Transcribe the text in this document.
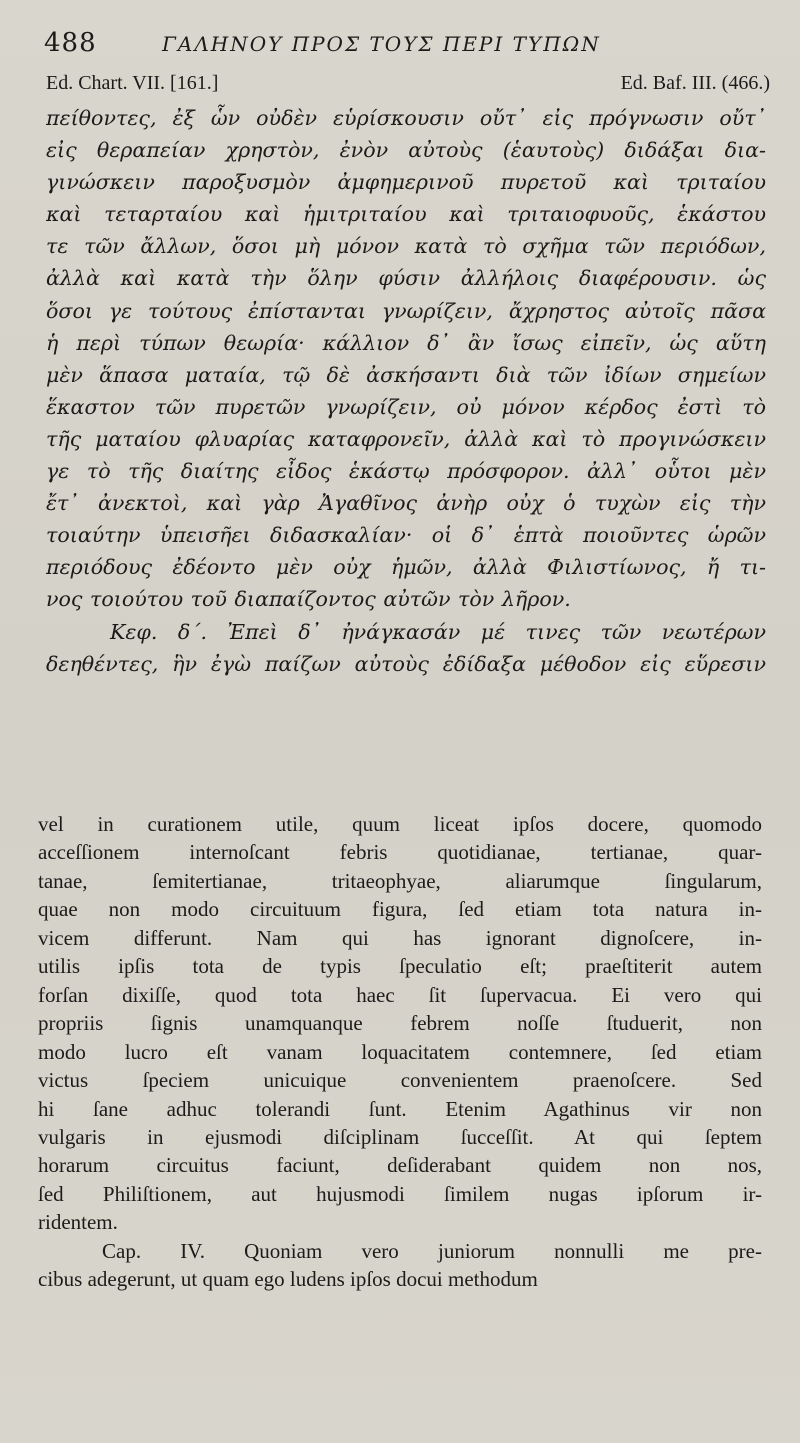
488	ΓΑΛΗΝΟΥ ΠΡΟΣ ΤΟΥΣ ΠΕΡΙ ΤΥΠΩΝ
Ed. Chart. VII. [161.]	Ed. Baf. III. (466.)
πείθοντες, ἐξ ὧν οὐδὲν εὑρίσκουσιν οὔτ᾽ εἰς πρόγνωσιν οὔτ᾽
εἰς θεραπείαν χρηστὸν, ἐνὸν αὐτοὺς (ἑαυτοὺς) διδάξαι δια-
γινώσκειν παροξυσμὸν ἀμφημερινοῦ πυρετοῦ καὶ τριταίου
καὶ τεταρταίου καὶ ἡμιτριταίου καὶ τριταιοφυοῦς, ἑκάστου
τε τῶν ἄλλων, ὅσοι μὴ μόνον κατὰ τὸ σχῆμα τῶν περιόδων,
ἀλλὰ καὶ κατὰ τὴν ὅλην φύσιν ἀλλήλοις διαφέρουσιν. ὡς
ὅσοι γε τούτους ἐπίστανται γνωρίζειν, ἄχρηστος αὐτοῖς πᾶσα
ἡ περὶ τύπων θεωρία· κάλλιον δ᾽ ἂν ἴσως εἰπεῖν, ὡς αὕτη
μὲν ἅπασα ματαία, τῷ δὲ ἀσκήσαντι διὰ τῶν ἰδίων σημείων
ἕκαστον τῶν πυρετῶν γνωρίζειν, οὐ μόνον κέρδος ἐστὶ τὸ
τῆς ματαίου φλυαρίας καταφρονεῖν, ἀλλὰ καὶ τὸ προγινώσκειν
γε τὸ τῆς διαίτης εἶδος ἑκάστῳ πρόσφορον. ἀλλ᾽ οὗτοι μὲν
ἔτ᾽ ἀνεκτοὶ, καὶ γὰρ Ἀγαθῖνος ἀνὴρ οὐχ ὁ τυχὼν εἰς τὴν
τοιαύτην ὑπεισῆει διδασκαλίαν· οἱ δ᾽ ἑπτὰ ποιοῦντες ὡρῶν
περιόδους ἐδέοντο μὲν οὐχ ἡμῶν, ἀλλὰ Φιλιστίωνος, ἤ τι-
νος τοιούτου τοῦ διαπαίζοντος αὐτῶν τὸν λῆρον.
Κεφ. δ΄. Ἐπεὶ δ᾽ ἠνάγκασάν μέ τινες τῶν νεωτέρων
δεηθέντες, ἣν ἐγὼ παίζων αὐτοὺς ἐδίδαξα μέθοδον εἰς εὕρεσιν
vel in curationem utile, quum liceat ipſos docere, quomodo
acceſſionem internoſcant febris quotidianae, tertianae, quar-
tanae, ſemitertianae, tritaeophyae, aliarumque ſingularum,
quae non modo circuituum figura, ſed etiam tota natura in-
vicem differunt. Nam qui has ignorant dignoſcere, in-
utilis ipſis tota de typis ſpeculatio eſt; praeſtiterit autem
forſan dixiſſe, quod tota haec ſit ſupervacua. Ei vero qui
propriis ſignis unamquanque febrem noſſe ſtuduerit, non
modo lucro eſt vanam loquacitatem contemnere, ſed etiam
victus ſpeciem unicuique convenientem praenoſcere. Sed
hi ſane adhuc tolerandi ſunt. Etenim Agathinus vir non
vulgaris in ejusmodi diſciplinam ſucceſſit. At qui ſeptem
horarum circuitus faciunt, deſiderabant quidem non nos,
ſed Philiſtionem, aut hujusmodi ſimilem nugas ipſorum ir-
ridentem.
Cap. IV. Quoniam vero juniorum nonnulli me pre-
cibus adegerunt, ut quam ego ludens ipſos docui methodum
